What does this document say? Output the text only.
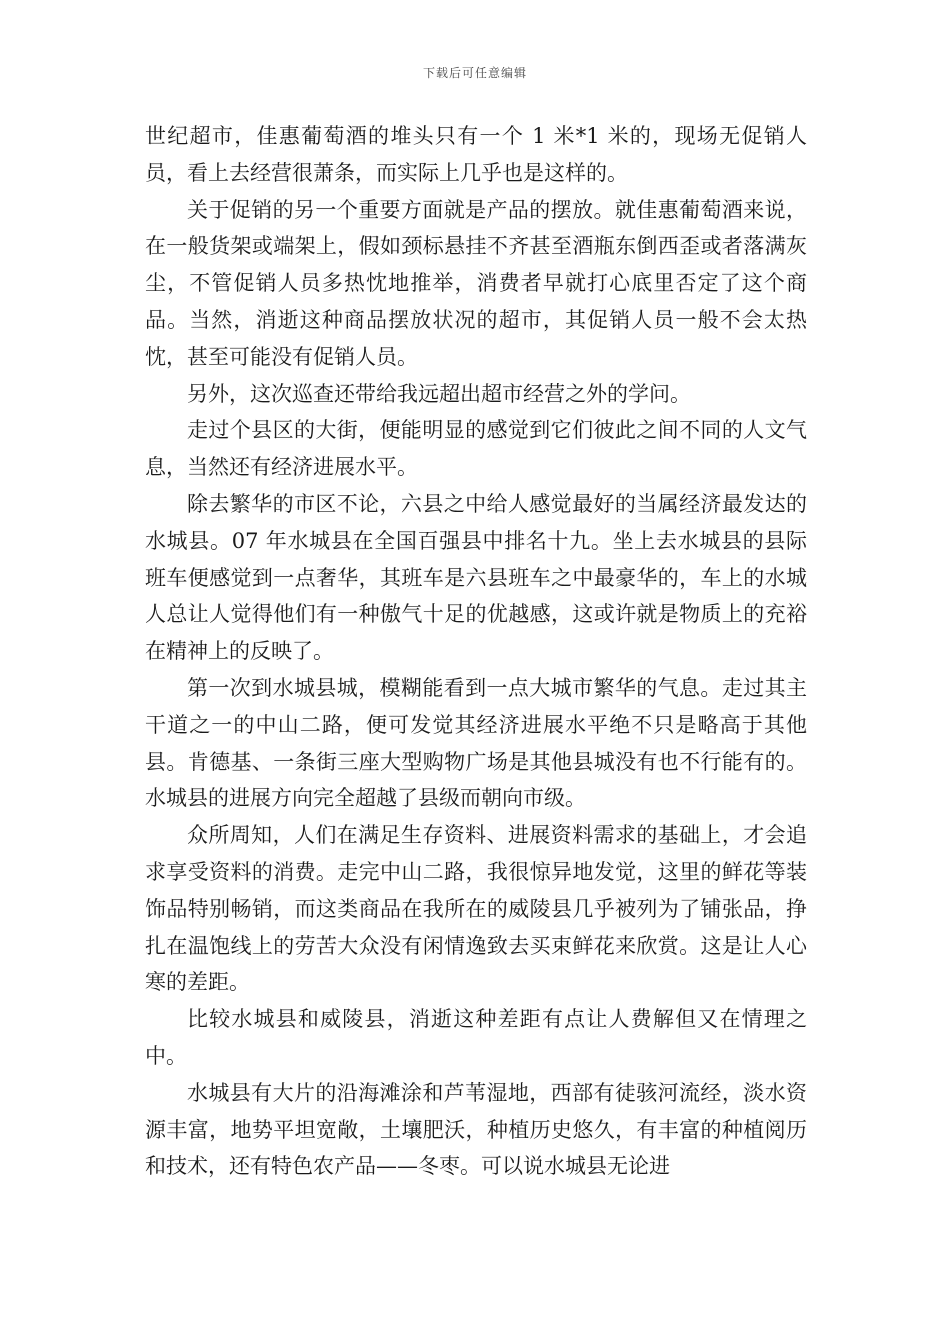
下载后可任意编辑

世纪超市，佳惠葡萄酒的堆头只有一个 1 米*1 米的，现场无促销人员，看上去经营很萧条，而实际上几乎也是这样的。

关于促销的另一个重要方面就是产品的摆放。就佳惠葡萄酒来说，在一般货架或端架上，假如颈标悬挂不齐甚至酒瓶东倒西歪或者落满灰尘，不管促销人员多热忱地推举，消费者早就打心底里否定了这个商品。当然，消逝这种商品摆放状况的超市，其促销人员一般不会太热忱，甚至可能没有促销人员。

另外，这次巡查还带给我远超出超市经营之外的学问。

走过个县区的大街，便能明显的感觉到它们彼此之间不同的人文气息，当然还有经济进展水平。

除去繁华的市区不论，六县之中给人感觉最好的当属经济最发达的水城县。07 年水城县在全国百强县中排名十九。坐上去水城县的县际班车便感觉到一点奢华，其班车是六县班车之中最豪华的，车上的水城人总让人觉得他们有一种傲气十足的优越感，这或许就是物质上的充裕在精神上的反映了。

第一次到水城县城，模糊能看到一点大城市繁华的气息。走过其主干道之一的中山二路，便可发觉其经济进展水平绝不只是略高于其他县。肯德基、一条街三座大型购物广场是其他县城没有也不行能有的。水城县的进展方向完全超越了县级而朝向市级。

众所周知，人们在满足生存资料、进展资料需求的基础上，才会追求享受资料的消费。走完中山二路，我很惊异地发觉，这里的鲜花等装饰品特别畅销，而这类商品在我所在的威陵县几乎被列为了铺张品，挣扎在温饱线上的劳苦大众没有闲情逸致去买束鲜花来欣赏。这是让人心寒的差距。

比较水城县和威陵县，消逝这种差距有点让人费解但又在情理之中。

水城县有大片的沿海滩涂和芦苇湿地，西部有徒骇河流经，淡水资源丰富，地势平坦宽敞，土壤肥沃，种植历史悠久，有丰富的种植阅历和技术，还有特色农产品——冬枣。可以说水城县无论进
